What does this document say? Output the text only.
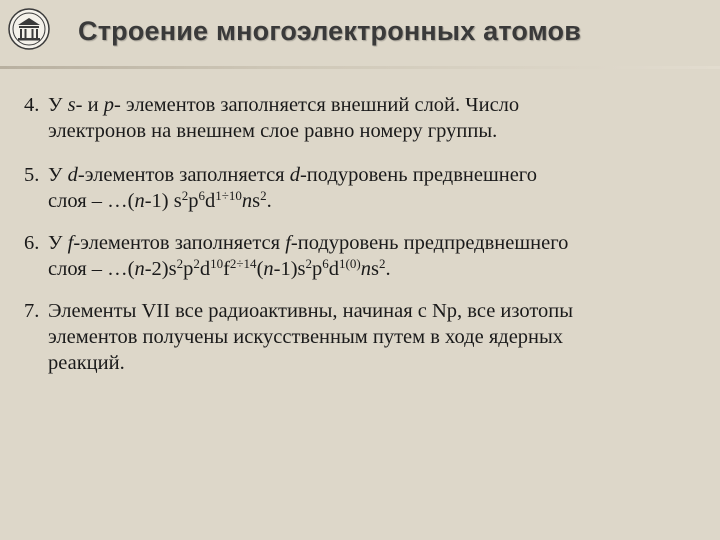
Строение многоэлектронных атомов
4. У s- и p- элементов заполняется внешний слой. Число
электронов на внешнем слое равно номеру группы.
5. У d-элементов заполняется d-подуровень предвнешнего
слоя – …(n-1) $s^2p^6d^{1\div 10}ns^2$.
6. У f-элементов заполняется f-подуровень предпредвнешнего
слоя – $\dots(n-2)s^2p^2d^{10}f^{2\div 14}(n-1)s^2p^6d^{1(0)}ns^2$.
7. Элементы VII все радиоактивны, начиная с Np, все изотопы
элементов получены искусственным путем в ходе ядерных
реакций.
